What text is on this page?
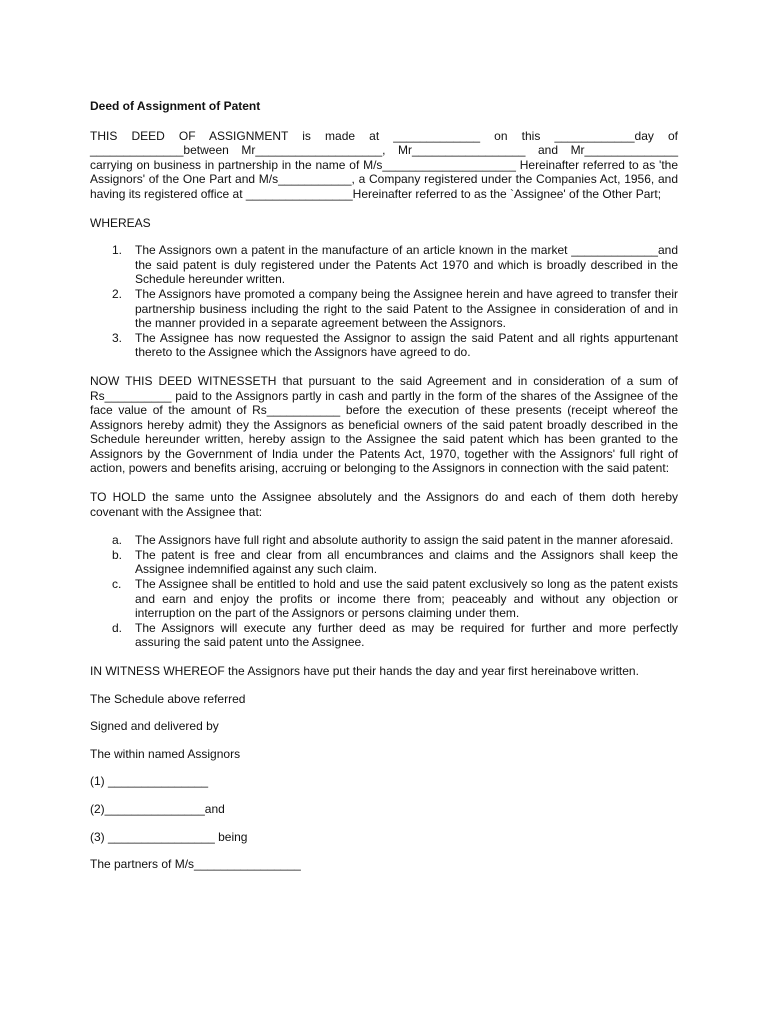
Deed of Assignment of Patent
THIS DEED OF ASSIGNMENT is made at _____________ on this ____________day of ______________between Mr___________________, Mr_________________ and Mr______________ carrying on business in partnership in the name of M/s____________________ Hereinafter referred to as 'the Assignors' of the One Part and M/s___________, a Company registered under the Companies Act, 1956, and having its registered office at ________________Hereinafter referred to as the `Assignee' of the Other Part;
WHEREAS
1. The Assignors own a patent in the manufacture of an article known in the market _____________and the said patent is duly registered under the Patents Act 1970 and which is broadly described in the Schedule hereunder written.
2. The Assignors have promoted a company being the Assignee herein and have agreed to transfer their partnership business including the right to the said Patent to the Assignee in consideration of and in the manner provided in a separate agreement between the Assignors.
3. The Assignee has now requested the Assignor to assign the said Patent and all rights appurtenant thereto to the Assignee which the Assignors have agreed to do.
NOW THIS DEED WITNESSETH that pursuant to the said Agreement and in consideration of a sum of Rs__________ paid to the Assignors partly in cash and partly in the form of the shares of the Assignee of the face value of the amount of Rs___________ before the execution of these presents (receipt whereof the Assignors hereby admit) they the Assignors as beneficial owners of the said patent broadly described in the Schedule hereunder written, hereby assign to the Assignee the said patent which has been granted to the Assignors by the Government of India under the Patents Act, 1970, together with the Assignors' full right of action, powers and benefits arising, accruing or belonging to the Assignors in connection with the said patent:
TO HOLD the same unto the Assignee absolutely and the Assignors do and each of them doth hereby covenant with the Assignee that:
a. The Assignors have full right and absolute authority to assign the said patent in the manner aforesaid.
b. The patent is free and clear from all encumbrances and claims and the Assignors shall keep the Assignee indemnified against any such claim.
c. The Assignee shall be entitled to hold and use the said patent exclusively so long as the patent exists and earn and enjoy the profits or income there from; peaceably and without any objection or interruption on the part of the Assignors or persons claiming under them.
d. The Assignors will execute any further deed as may be required for further and more perfectly assuring the said patent unto the Assignee.
IN WITNESS WHEREOF the Assignors have put their hands the day and year first hereinabove written.
The Schedule above referred
Signed and delivered by
The within named Assignors
(1) _______________
(2)_______________and
(3) ________________ being
The partners of M/s________________
